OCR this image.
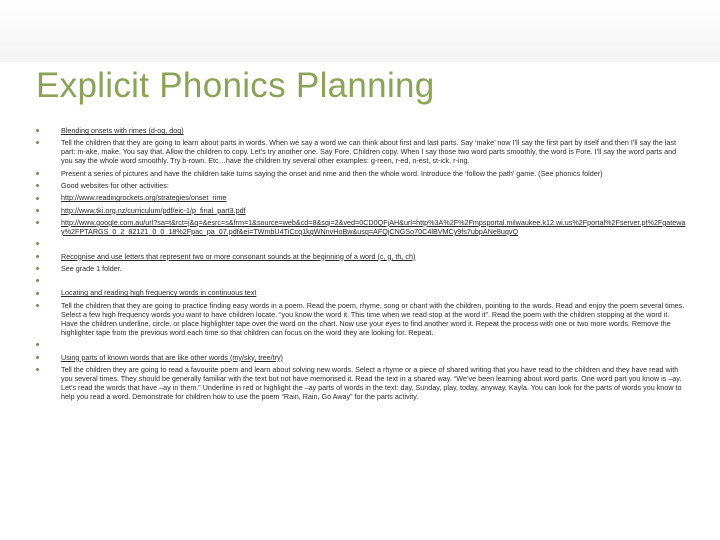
Explicit Phonics Planning
Blending onsets with rimes (d-og, dog)
Tell the children that they are going to learn about parts in words. When we say a word we can think about first and last parts. Say ‘make’ now I’ll say the first part by itself and then I’ll say the last part: m-ake, make. You say that. Allow the children to copy. Let’s try another one. Say Fore. Children copy. When I say those two word parts smoothly, the word is Fore. I’ll say the word parts and you say the whole word smoothly. Try b-rown. Etc…have the children try several other examples: g-reen, r-ed, n-est, st-ick, r-ing.
Present a series of pictures and have the children take turns saying the onset and rime and then the whole word. Introduce the ‘follow the path’ game. (See phonics folder)
Good websites for other activities:
http://www.readingrockets.org/strategies/onset_rime
http://www.tki.org.nz/curriculum/pdf/eic-1/p_final_part3.pdf
http://www.google.com.au/url?sa=t&rct=j&q=&esrc=s&frm=1&source=web&cd=8&sqi=2&ved=0CD0QFjAH&url=http%3A%2F%2Fmpsportal.milwaukee.k12.wi.us%2Fportal%2Fserver.pt%2Fgateway%2FPTARGS_0_2_82121_0_0_18%2Fpac_pa_07.pdf&ei=TWmbU4TiCcq1kgWNnvHoBw&usg=AFQjCNGSo70C4lBVMCy9fs7ubpANe8uqvQ
Recognise and use letters that represent two or more consonant sounds at the beginning of a word (c, g, th, ch)
See grade 1 folder.
Locating and reading high frequency words in continuous text
Tell the children that they are going to practice finding easy words in a poem. Read the poem, rhyme, song or chant with the children, pointing to the words. Read and enjoy the poem several times. Select a few high frequency words you want to have children locate. “you know the word it. This time when we read stop at the word it”. Read the poem with the children stopping at the word it. Have the children underline, circle, or place highlighter tape over the word on the chart. Now use your eyes to find another word it. Repeat the process with one or two more words. Remove the highlighter tape from the previous word each time so that children can focus on the word they are looking for. Repeat.
Using parts of known words that are like other words (my/sky, tree/try)
Tell the children they are going to read a favourite poem and learn about solving new words. Select a rhyme or a piece of shared writing that you have read to the children and they have read with you several times. They should be generally familiar with the text but not have memorised it. Read the text in a shared way. “We’ve been learning about word parts. One word part you know is –ay. Let’s read the words that have –ay in them.” Underline in red or highlight the –ay parts of words in the text: day, Sunday, play, today, anyway, Kayla. You can look for the parts of words you know to help you read a word. Demonstrate for children how to use the poem “Rain, Rain, Go Away” for the parts activity.
